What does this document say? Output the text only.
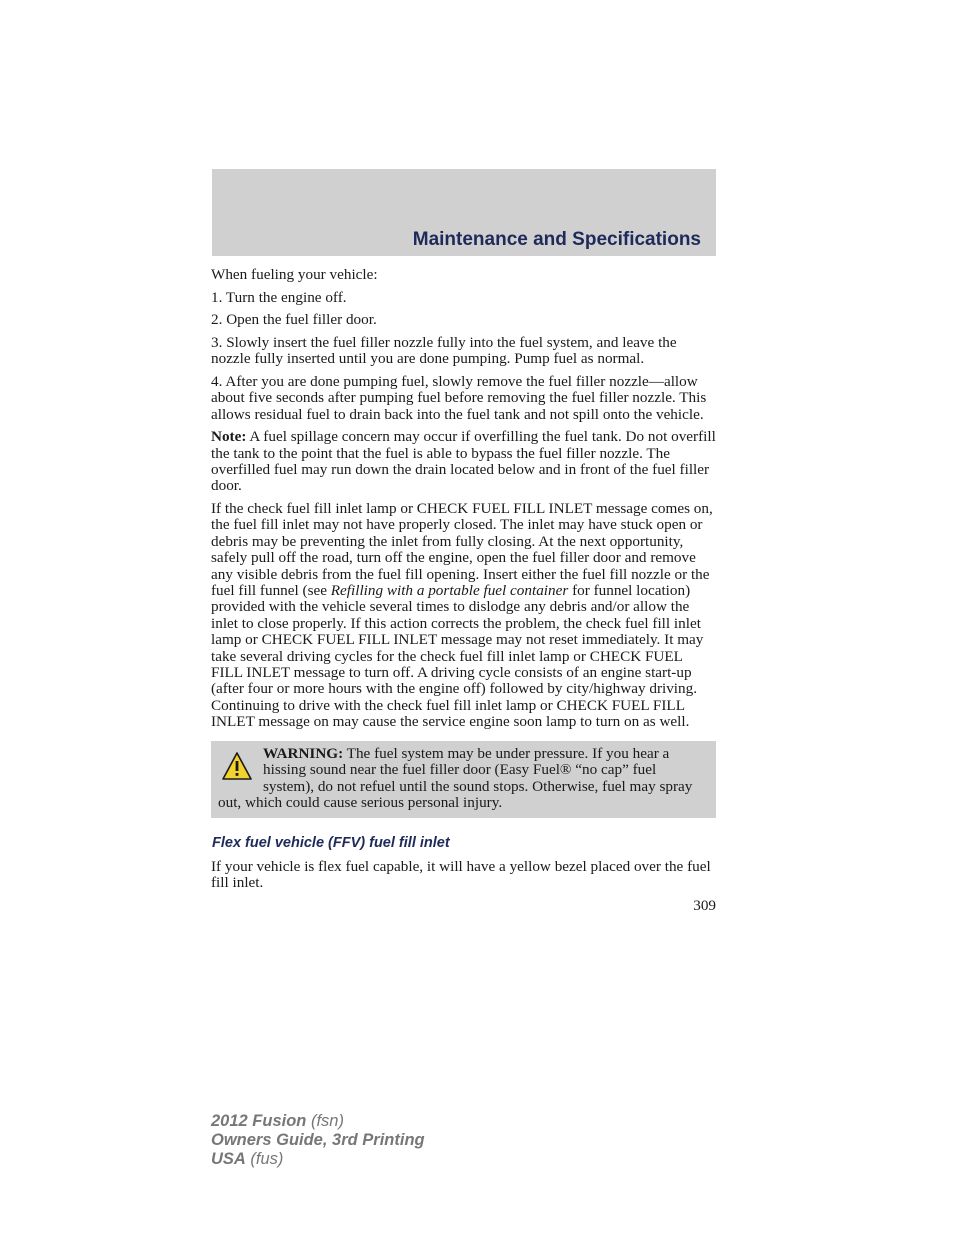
Maintenance and Specifications

When fueling your vehicle:

1. Turn the engine off.

2. Open the fuel filler door.

3. Slowly insert the fuel filler nozzle fully into the fuel system, and leave the nozzle fully inserted until you are done pumping. Pump fuel as normal.

4. After you are done pumping fuel, slowly remove the fuel filler nozzle—allow about five seconds after pumping fuel before removing the fuel filler nozzle. This allows residual fuel to drain back into the fuel tank and not spill onto the vehicle.

Note: A fuel spillage concern may occur if overfilling the fuel tank. Do not overfill the tank to the point that the fuel is able to bypass the fuel filler nozzle. The overfilled fuel may run down the drain located below and in front of the fuel filler door.

If the check fuel fill inlet lamp or CHECK FUEL FILL INLET message comes on, the fuel fill inlet may not have properly closed. The inlet may have stuck open or debris may be preventing the inlet from fully closing. At the next opportunity, safely pull off the road, turn off the engine, open the fuel filler door and remove any visible debris from the fuel fill opening. Insert either the fuel fill nozzle or the fuel fill funnel (see Refilling with a portable fuel container for funnel location) provided with the vehicle several times to dislodge any debris and/or allow the inlet to close properly. If this action corrects the problem, the check fuel fill inlet lamp or CHECK FUEL FILL INLET message may not reset immediately. It may take several driving cycles for the check fuel fill inlet lamp or CHECK FUEL FILL INLET message to turn off. A driving cycle consists of an engine start-up (after four or more hours with the engine off) followed by city/highway driving. Continuing to drive with the check fuel fill inlet lamp or CHECK FUEL FILL INLET message on may cause the service engine soon lamp to turn on as well.

WARNING: The fuel system may be under pressure. If you hear a hissing sound near the fuel filler door (Easy Fuel® “no cap” fuel system), do not refuel until the sound stops. Otherwise, fuel may spray out, which could cause serious personal injury.
Flex fuel vehicle (FFV) fuel fill inlet

If your vehicle is flex fuel capable, it will have a yellow bezel placed over the fuel fill inlet.

309
2012 Fusion (fsn)
Owners Guide, 3rd Printing
USA (fus)
